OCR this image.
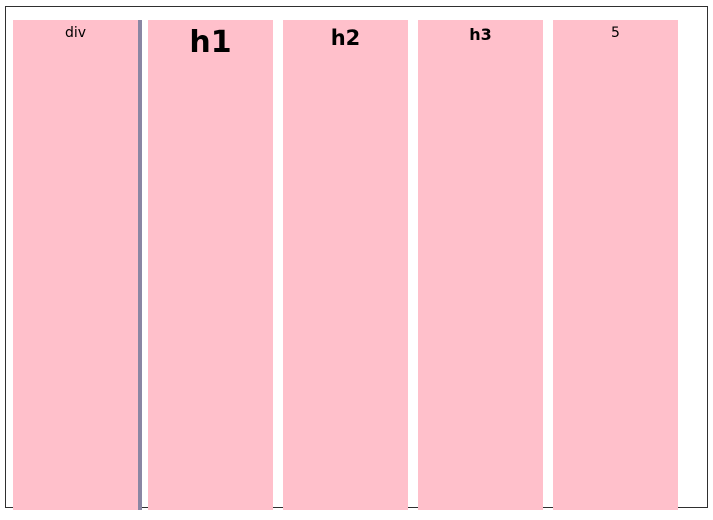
div	h1	h2	h3	5
